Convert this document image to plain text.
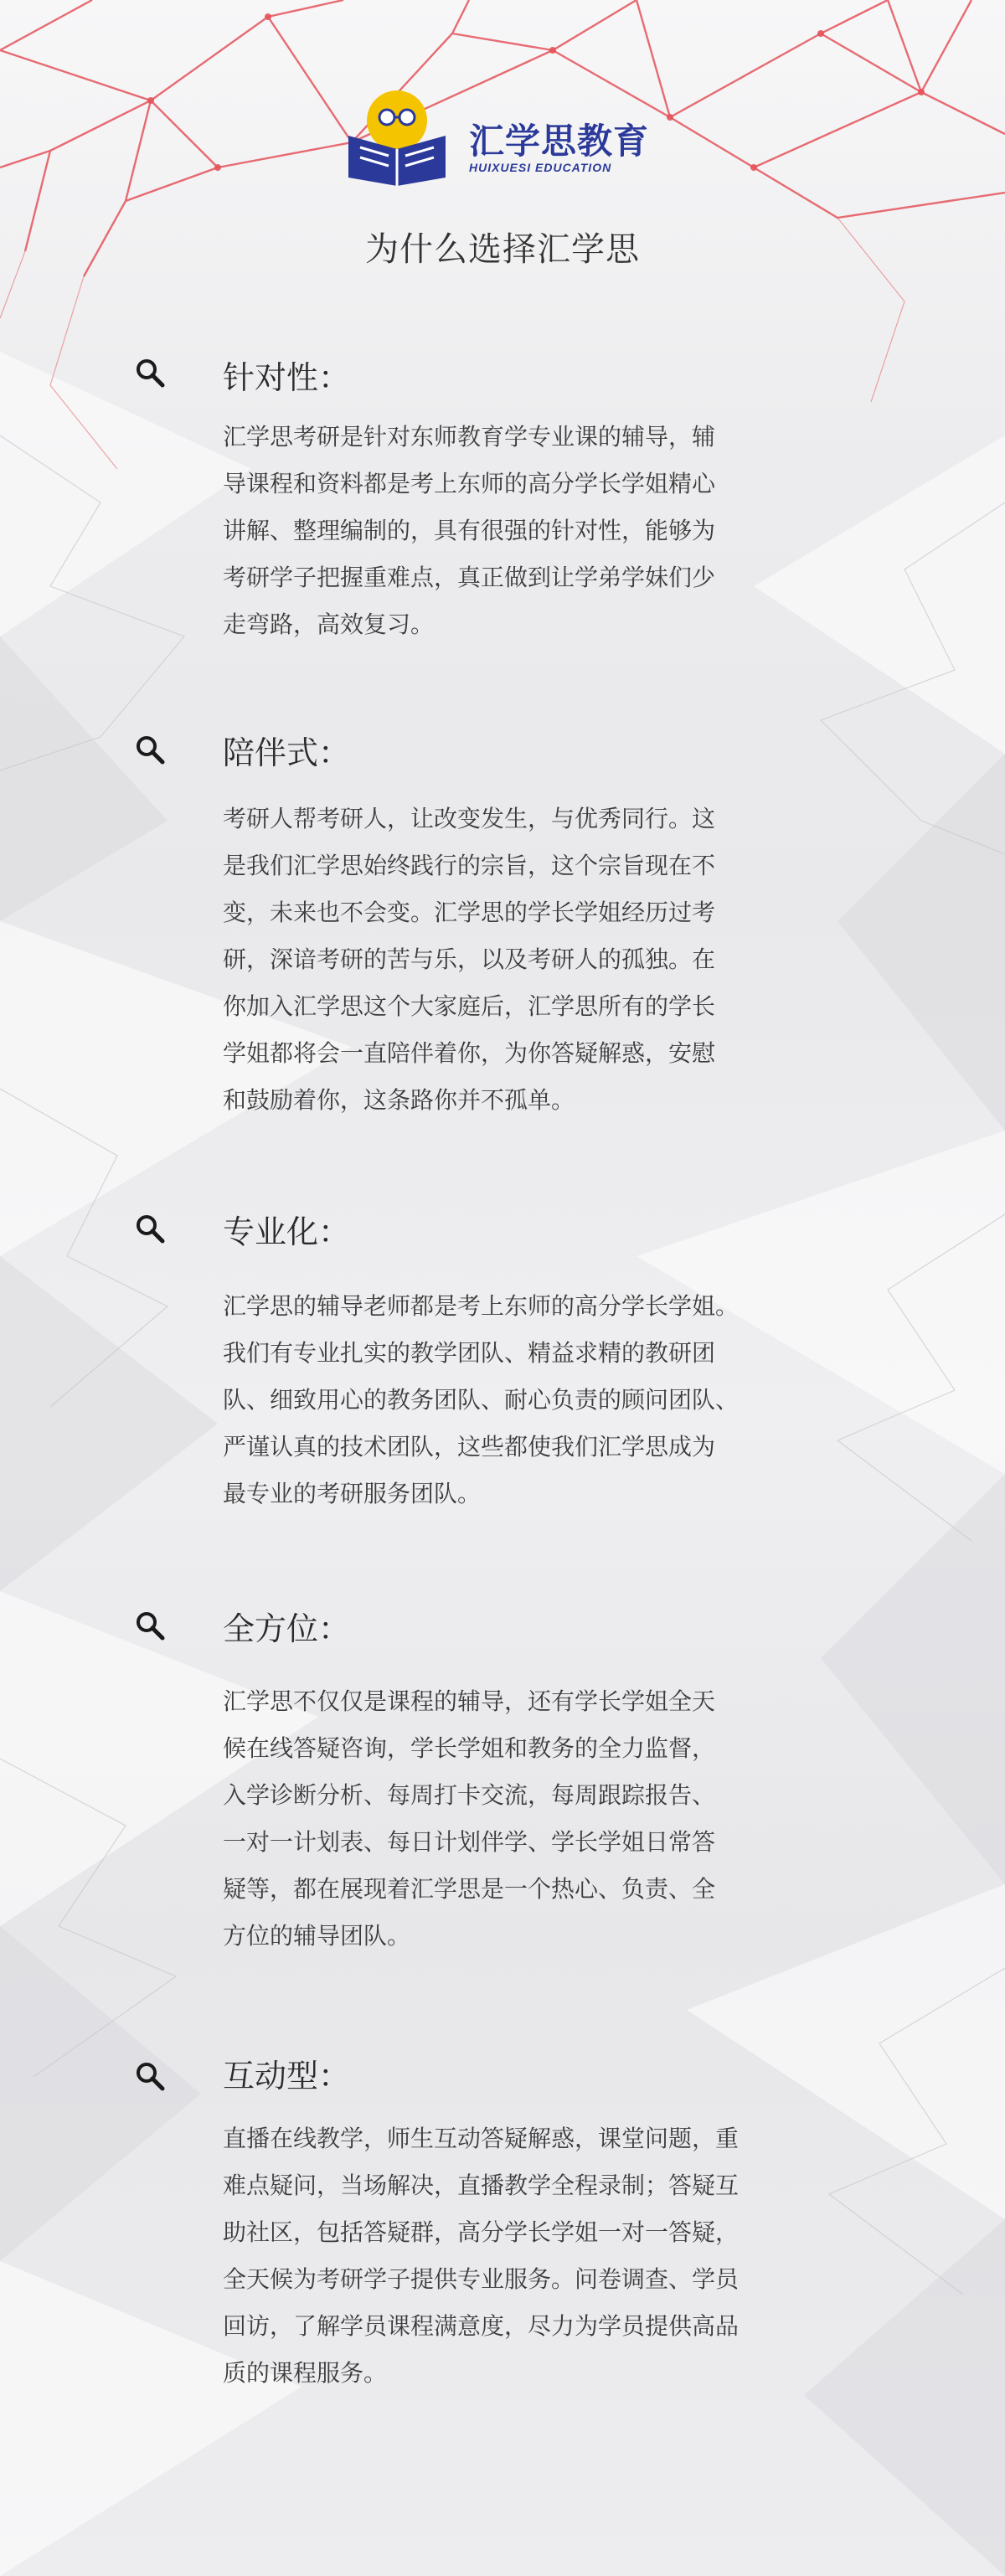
汇学思教育
HUIXUESI EDUCATION
为什么选择汇学思
针对性：

汇学思考研是针对东师教育学专业课的辅导，辅

导课程和资料都是考上东师的高分学长学姐精心

讲解、整理编制的，具有很强的针对性，能够为

考研学子把握重难点，真正做到让学弟学妹们少

走弯路，高效复习。

陪伴式：

考研人帮考研人，让改变发生，与优秀同行。这

是我们汇学思始终践行的宗旨，这个宗旨现在不

变，未来也不会变。汇学思的学长学姐经历过考

研，深谙考研的苦与乐，以及考研人的孤独。在

你加入汇学思这个大家庭后，汇学思所有的学长

学姐都将会一直陪伴着你，为你答疑解惑，安慰

和鼓励着你，这条路你并不孤单。

专业化：

汇学思的辅导老师都是考上东师的高分学长学姐。

我们有专业扎实的教学团队、精益求精的教研团

队、细致用心的教务团队、耐心负责的顾问团队、

严谨认真的技术团队，这些都使我们汇学思成为

最专业的考研服务团队。

全方位：

汇学思不仅仅是课程的辅导，还有学长学姐全天

候在线答疑咨询，学长学姐和教务的全力监督，

入学诊断分析、每周打卡交流，每周跟踪报告、

一对一计划表、每日计划伴学、学长学姐日常答

疑等，都在展现着汇学思是一个热心、负责、全

方位的辅导团队。

互动型：

直播在线教学，师生互动答疑解惑，课堂问题，重

难点疑问，当场解决，直播教学全程录制；答疑互

助社区，包括答疑群，高分学长学姐一对一答疑，

全天候为考研学子提供专业服务。问卷调查、学员

回访，了解学员课程满意度，尽力为学员提供高品

质的课程服务。
